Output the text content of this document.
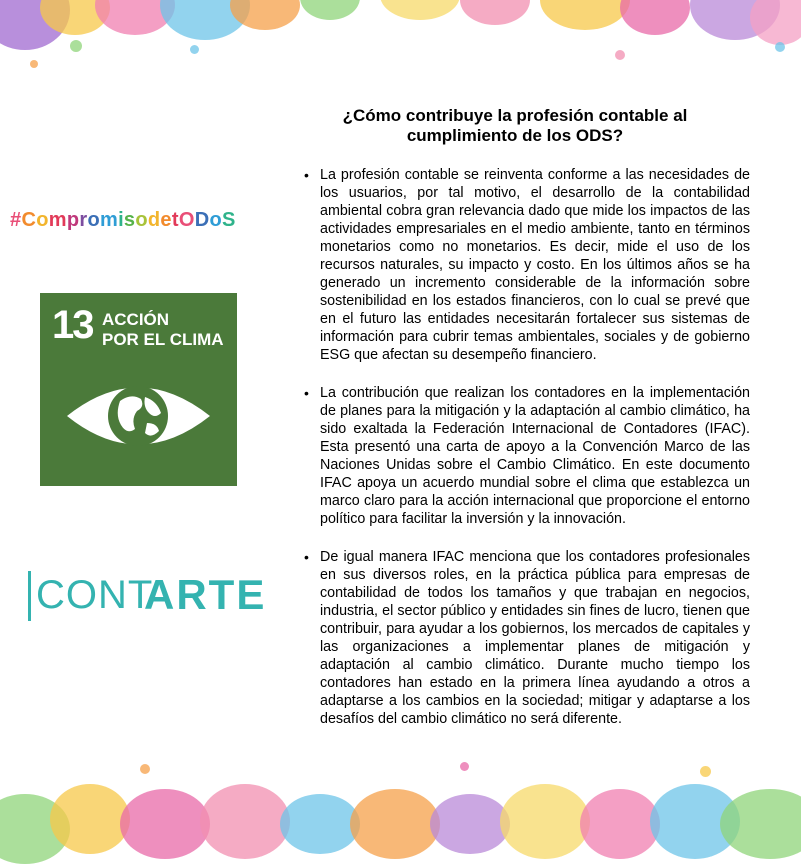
#CompromisodetODoS
13 ACCIÓN
POR EL CLIMA
CONT
ARTE
¿Cómo contribuye la profesión contable al cumplimiento de los ODS?
• La profesión contable se reinventa conforme a las necesidades de los usuarios, por tal motivo, el desarrollo de la contabilidad ambiental cobra gran relevancia dado que mide los impactos de las actividades empresariales en el medio ambiente, tanto en términos monetarios como no monetarios. Es decir, mide el uso de los recursos naturales, su impacto y costo. En los últimos años se ha generado un incremento considerable de la información sobre sostenibilidad en los estados financieros, con lo cual se prevé que en el futuro las entidades necesitarán fortalecer sus sistemas de información para cubrir temas ambientales, sociales y de gobierno ESG que afectan su desempeño financiero.
• La contribución que realizan los contadores en la implementación de planes para la mitigación y la adaptación al cambio climático, ha sido exaltada la Federación Internacional de Contadores (IFAC). Esta presentó una carta de apoyo a la Convención Marco de las Naciones Unidas sobre el Cambio Climático. En este documento IFAC apoya un acuerdo mundial sobre el clima que establezca un marco claro para la acción internacional que proporcione el entorno político para facilitar la inversión y la innovación.
• De igual manera IFAC menciona que los contadores profesionales en sus diversos roles, en la práctica pública para empresas de contabilidad de todos los tamaños y que trabajan en negocios, industria, el sector público y entidades sin fines de lucro, tienen que contribuir, para ayudar a los gobiernos, los mercados de capitales y las organizaciones a implementar planes de mitigación y adaptación al cambio climático. Durante mucho tiempo los contadores han estado en la primera línea ayudando a otros a adaptarse a los cambios en la sociedad; mitigar y adaptarse a los desafíos del cambio climático no será diferente.
